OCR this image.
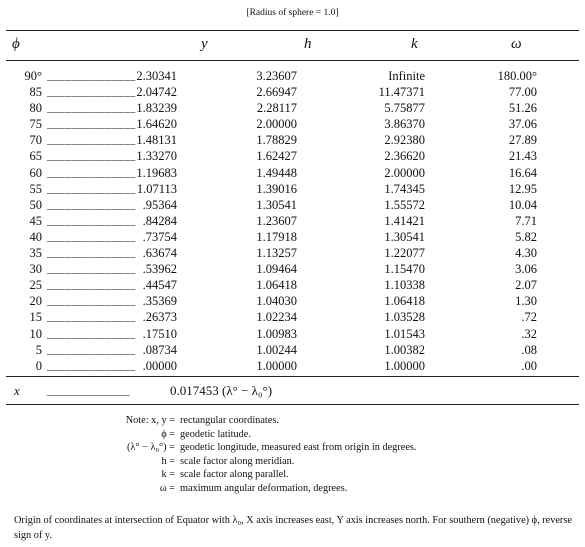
[Radius of sphere = 1.0]
ϕ	y	h	k	ω
90° _______________ 2.30341	3.23607	Infinite	180.00°
85 _______________ 2.04742	2.66947	11.47371	77.00
80 _______________ 1.83239	2.28117	5.75877	51.26
75 _______________ 1.64620	2.00000	3.86370	37.06
70 _______________ 1.48131	1.78829	2.92380	27.89
65 _______________ 1.33270	1.62427	2.36620	21.43
60 _______________ 1.19683	1.49448	2.00000	16.64
55 _______________ 1.07113	1.39016	1.74345	12.95
50 _______________ .95364	1.30541	1.55572	10.04
45 _______________ .84284	1.23607	1.41421	7.71
40 _______________ .73754	1.17918	1.30541	5.82
35 _______________ .63674	1.13257	1.22077	4.30
30 _______________ .53962	1.09464	1.15470	3.06
25 _______________ .44547	1.06418	1.10338	2.07
20 _______________ .35369	1.04030	1.06418	1.30
15 _______________ .26373	1.02234	1.03528	.72
10 _______________ .17510	1.00983	1.01543	.32
5 _______________ .08734	1.00244	1.00382	.08
0 _______________ .00000	1.00000	1.00000	.00
x _______________	0.017453 (λ° − λ₀°)
Note: x, y = rectangular coordinates.
ϕ = geodetic latitude.
(λ° − λ₀°) = geodetic longitude, measured east from origin in degrees.
h = scale factor along meridian.
k = scale factor along parallel.
ω = maximum angular deformation, degrees.
Origin of coordinates at intersection of Equator with λ₀, X axis increases east, Y axis increases north. For southern (negative) ϕ, reverse sign of y.
